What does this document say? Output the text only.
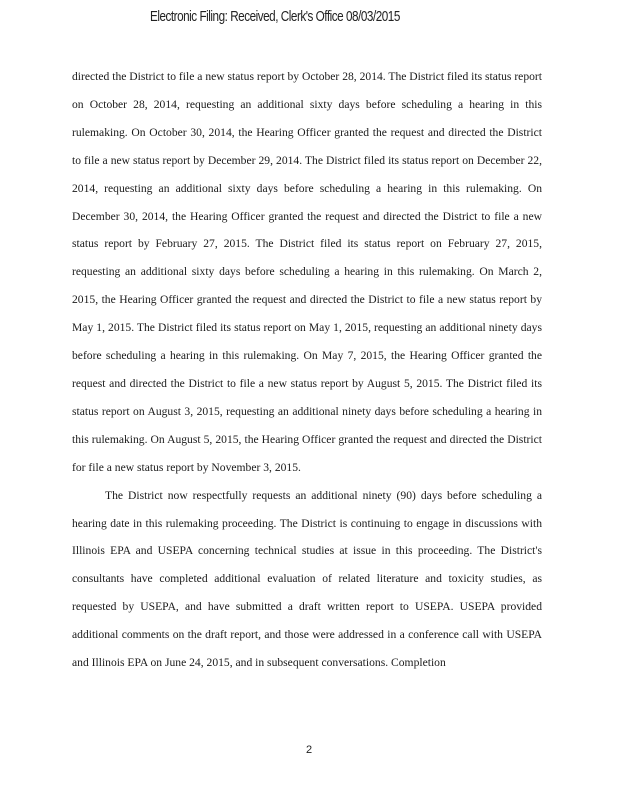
Electronic Filing: Received, Clerk's Office 08/03/2015

directed the District to file a new status report by October 28, 2014. The District filed its status report on October 28, 2014, requesting an additional sixty days before scheduling a hearing in this rulemaking. On October 30, 2014, the Hearing Officer granted the request and directed the District to file a new status report by December 29, 2014. The District filed its status report on December 22, 2014, requesting an additional sixty days before scheduling a hearing in this rulemaking. On December 30, 2014, the Hearing Officer granted the request and directed the District to file a new status report by February 27, 2015. The District filed its status report on February 27, 2015, requesting an additional sixty days before scheduling a hearing in this rulemaking. On March 2, 2015, the Hearing Officer granted the request and directed the District to file a new status report by May 1, 2015. The District filed its status report on May 1, 2015, requesting an additional ninety days before scheduling a hearing in this rulemaking. On May 7, 2015, the Hearing Officer granted the request and directed the District to file a new status report by August 5, 2015. The District filed its status report on August 3, 2015, requesting an additional ninety days before scheduling a hearing in this rulemaking. On August 5, 2015, the Hearing Officer granted the request and directed the District for file a new status report by November 3, 2015.

The District now respectfully requests an additional ninety (90) days before scheduling a hearing date in this rulemaking proceeding. The District is continuing to engage in discussions with Illinois EPA and USEPA concerning technical studies at issue in this proceeding. The District's consultants have completed additional evaluation of related literature and toxicity studies, as requested by USEPA, and have submitted a draft written report to USEPA. USEPA provided additional comments on the draft report, and those were addressed in a conference call with USEPA and Illinois EPA on June 24, 2015, and in subsequent conversations. Completion

2
